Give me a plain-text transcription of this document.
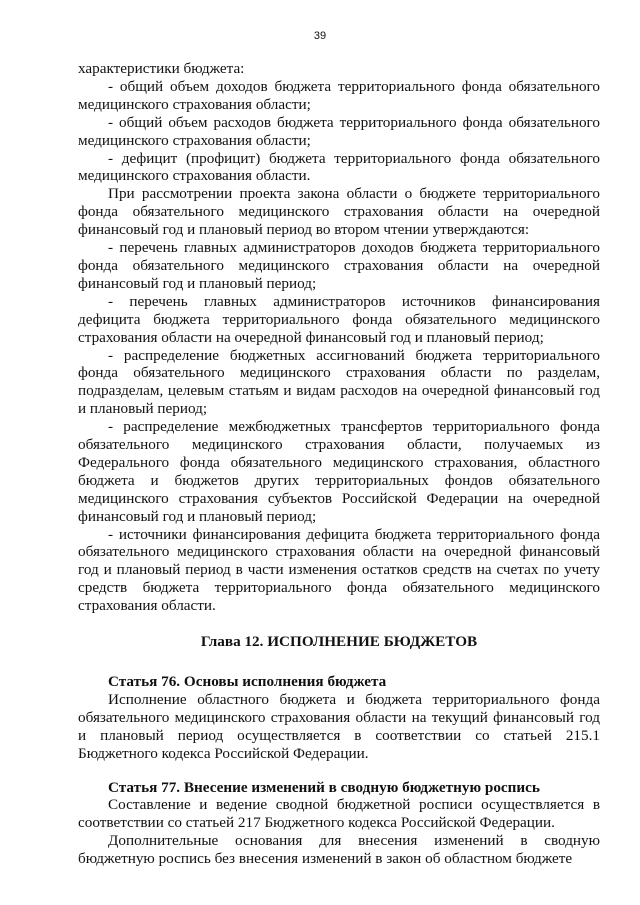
39

характеристики бюджета:

- общий объем доходов бюджета территориального фонда обязательного медицинского страхования области;

- общий объем расходов бюджета территориального фонда обязательного медицинского страхования области;

- дефицит (профицит) бюджета территориального фонда обязательного медицинского страхования области.

При рассмотрении проекта закона области о бюджете территориального фонда обязательного медицинского страхования области на очередной финансовый год и плановый период во втором чтении утверждаются:

- перечень главных администраторов доходов бюджета территориального фонда обязательного медицинского страхования области на очередной финансовый год и плановый период;

- перечень главных администраторов источников финансирования дефицита бюджета территориального фонда обязательного медицинского страхования области на очередной финансовый год и плановый период;

- распределение бюджетных ассигнований бюджета территориального фонда обязательного медицинского страхования области по разделам, подразделам, целевым статьям и видам расходов на очередной финансовый год и плановый период;

- распределение межбюджетных трансфертов территориального фонда обязательного медицинского страхования области, получаемых из Федерального фонда обязательного медицинского страхования, областного бюджета и бюджетов других территориальных фондов обязательного медицинского страхования субъектов Российской Федерации на очередной финансовый год и плановый период;

- источники финансирования дефицита бюджета территориального фонда обязательного медицинского страхования области на очередной финансовый год и плановый период в части изменения остатков средств на счетах по учету средств бюджета территориального фонда обязательного медицинского страхования области.

Глава 12. ИСПОЛНЕНИЕ БЮДЖЕТОВ
Статья 76. Основы исполнения бюджета

Исполнение областного бюджета и бюджета территориального фонда обязательного медицинского страхования области на текущий финансовый год и плановый период осуществляется в соответствии со статьей 215.1 Бюджетного кодекса Российской Федерации.

Статья 77. Внесение изменений в сводную бюджетную роспись

Составление и ведение сводной бюджетной росписи осуществляется в соответствии со статьей 217 Бюджетного кодекса Российской Федерации.

Дополнительные основания для внесения изменений в сводную бюджетную роспись без внесения изменений в закон об областном бюджете
